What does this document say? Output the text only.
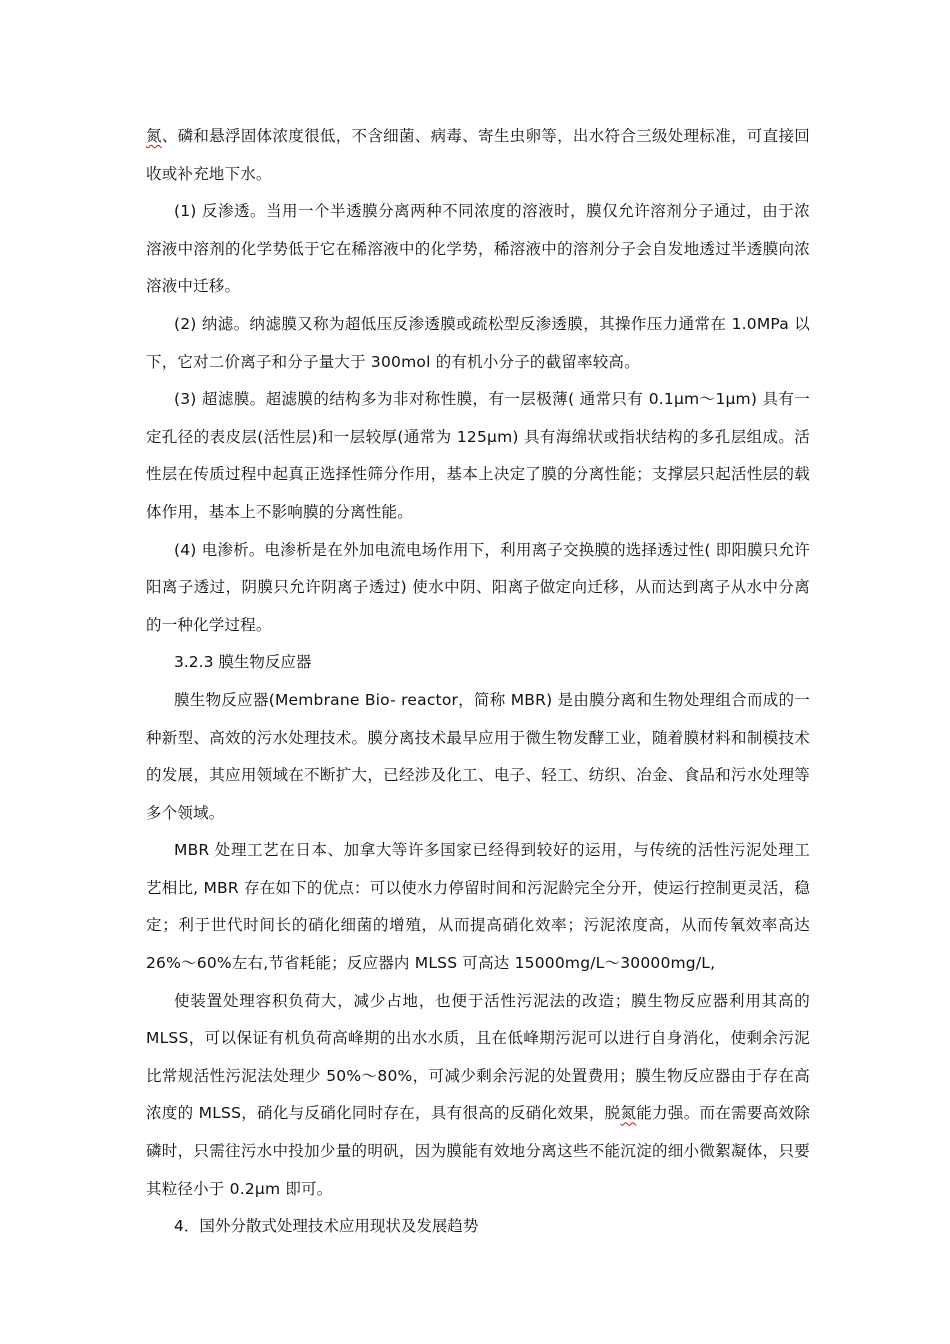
氮、磷和悬浮固体浓度很低，不含细菌、病毒、寄生虫卵等，出水符合三级处理标准，可直接回收或补充地下水。

(1) 反渗透。当用一个半透膜分离两种不同浓度的溶液时，膜仅允许溶剂分子通过，由于浓溶液中溶剂的化学势低于它在稀溶液中的化学势，稀溶液中的溶剂分子会自发地透过半透膜向浓溶液中迁移。

(2) 纳滤。纳滤膜又称为超低压反渗透膜或疏松型反渗透膜，其操作压力通常在 1.0MPa 以下，它对二价离子和分子量大于 300mol 的有机小分子的截留率较高。

(3) 超滤膜。超滤膜的结构多为非对称性膜，有一层极薄( 通常只有 0.1μm～1μm) 具有一定孔径的表皮层(活性层)和一层较厚(通常为 125μm) 具有海绵状或指状结构的多孔层组成。活性层在传质过程中起真正选择性筛分作用，基本上决定了膜的分离性能；支撑层只起活性层的载体作用，基本上不影响膜的分离性能。

(4) 电渗析。电渗析是在外加电流电场作用下，利用离子交换膜的选择透过性( 即阳膜只允许阳离子透过，阴膜只允许阴离子透过) 使水中阴、阳离子做定向迁移，从而达到离子从水中分离的一种化学过程。

3.2.3 膜生物反应器

膜生物反应器(Membrane Bio- reactor，简称 MBR) 是由膜分离和生物处理组合而成的一种新型、高效的污水处理技术。膜分离技术最早应用于微生物发酵工业，随着膜材料和制模技术的发展，其应用领域在不断扩大，已经涉及化工、电子、轻工、纺织、冶金、食品和污水处理等多个领域。

MBR 处理工艺在日本、加拿大等许多国家已经得到较好的运用，与传统的活性污泥处理工艺相比, MBR 存在如下的优点：可以使水力停留时间和污泥龄完全分开，使运行控制更灵活，稳定；利于世代时间长的硝化细菌的增殖，从而提高硝化效率；污泥浓度高，从而传氧效率高达 26%～60%左右,节省耗能；反应器内 MLSS 可高达 15000mg/L～30000mg/L,

使装置处理容积负荷大，减少占地，也便于活性污泥法的改造；膜生物反应器利用其高的 MLSS，可以保证有机负荷高峰期的出水水质，且在低峰期污泥可以进行自身消化，使剩余污泥比常规活性污泥法处理少 50%～80%，可减少剩余污泥的处置费用；膜生物反应器由于存在高浓度的 MLSS，硝化与反硝化同时存在，具有很高的反硝化效果，脱氮能力强。而在需要高效除磷时，只需往污水中投加少量的明矾，因为膜能有效地分离这些不能沉淀的细小微絮凝体，只要其粒径小于 0.2μm 即可。

4．国外分散式处理技术应用现状及发展趋势
